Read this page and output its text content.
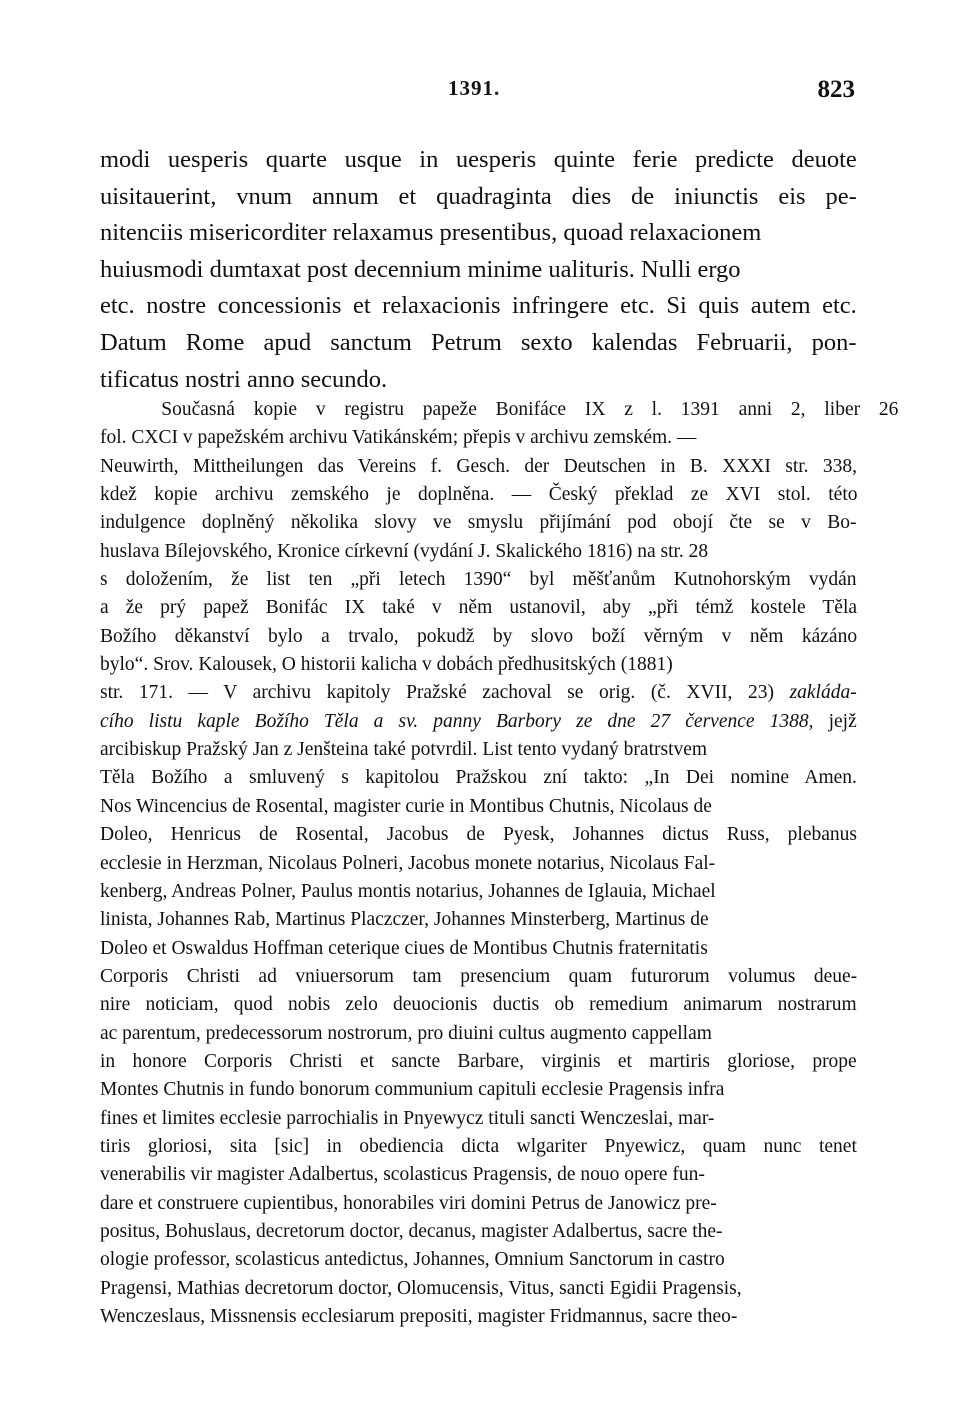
1391.	823
modi uesperis quarte usque in uesperis quinte ferie predicte deuote
uisitauerint, vnum annum et quadraginta dies de iniunctis eis pe-
nitenciis misericorditer relaxamus presentibus, quoad relaxacionem
huiusmodi dumtaxat post decennium minime ualituris. Nulli ergo
etc. nostre concessionis et relaxacionis infringere etc. Si quis autem etc.
Datum Rome apud sanctum Petrum sexto kalendas Februarii, pon-
tificatus nostri anno secundo.
Současná kopie v registru papeže Bonifáce IX z l. 1391 anni 2, liber 26
fol. CXCI v papežském archivu Vatikánském; přepis v archivu zemském. —
Neuwirth, Mittheilungen das Vereins f. Gesch. der Deutschen in B. XXXI str. 338,
kdež kopie archivu zemského je doplněna. — Český překlad ze XVI stol. této
indulgence doplněný několika slovy ve smyslu přijímání pod obojí čte se v Bo-
huslava Bílejovského, Kronice církevní (vydání J. Skalického 1816) na str. 28
s doložením, že list ten „při letech 1390“ byl měšťanům Kutnohorským vydán
a že prý papež Bonifác IX také v něm ustanovil, aby „při témž kostele Těla
Božího děkanství bylo a trvalo, pokudž by slovo boží věrným v něm kázáno
bylo“. Srov. Kalousek, O historii kalicha v dobách předhusitských (1881)
str. 171. — V archivu kapitoly Pražské zachoval se orig. (č. XVII, 23) zakláda-
cího listu kaple Božího Těla a sv. panny Barbory ze dne 27 července 1388, jejž
arcibiskup Pražský Jan z Jenšteina také potvrdil. List tento vydaný bratrstvem
Těla Božího a smluvený s kapitolou Pražskou zní takto: „In Dei nomine Amen.
Nos Wincencius de Rosental, magister curie in Montibus Chutnis, Nicolaus de
Doleo, Henricus de Rosental, Jacobus de Pyesk, Johannes dictus Russ, plebanus
ecclesie in Herzman, Nicolaus Polneri, Jacobus monete notarius, Nicolaus Fal-
kenberg, Andreas Polner, Paulus montis notarius, Johannes de Iglauia, Michael
linista, Johannes Rab, Martinus Placzczer, Johannes Minsterberg, Martinus de
Doleo et Oswaldus Hoffman ceterique ciues de Montibus Chutnis fraternitatis
Corporis Christi ad vniuersorum tam presencium quam futurorum volumus deue-
nire noticiam, quod nobis zelo deuocionis ductis ob remedium animarum nostrarum
ac parentum, predecessorum nostrorum, pro diuini cultus augmento cappellam
in honore Corporis Christi et sancte Barbare, virginis et martiris gloriose, prope
Montes Chutnis in fundo bonorum communium capituli ecclesie Pragensis infra
fines et limites ecclesie parrochialis in Pnyewycz tituli sancti Wenczeslai, mar-
tiris gloriosi, sita [sic] in obediencia dicta wlgariter Pnyewicz, quam nunc tenet
venerabilis vir magister Adalbertus, scolasticus Pragensis, de nouo opere fun-
dare et construere cupientibus, honorabiles viri domini Petrus de Janowicz pre-
positus, Bohuslaus, decretorum doctor, decanus, magister Adalbertus, sacre the-
ologie professor, scolasticus antedictus, Johannes, Omnium Sanctorum in castro
Pragensi, Mathias decretorum doctor, Olomucensis, Vitus, sancti Egidii Pragensis,
Wenczeslaus, Missnensis ecclesiarum prepositi, magister Fridmannus, sacre theo-
